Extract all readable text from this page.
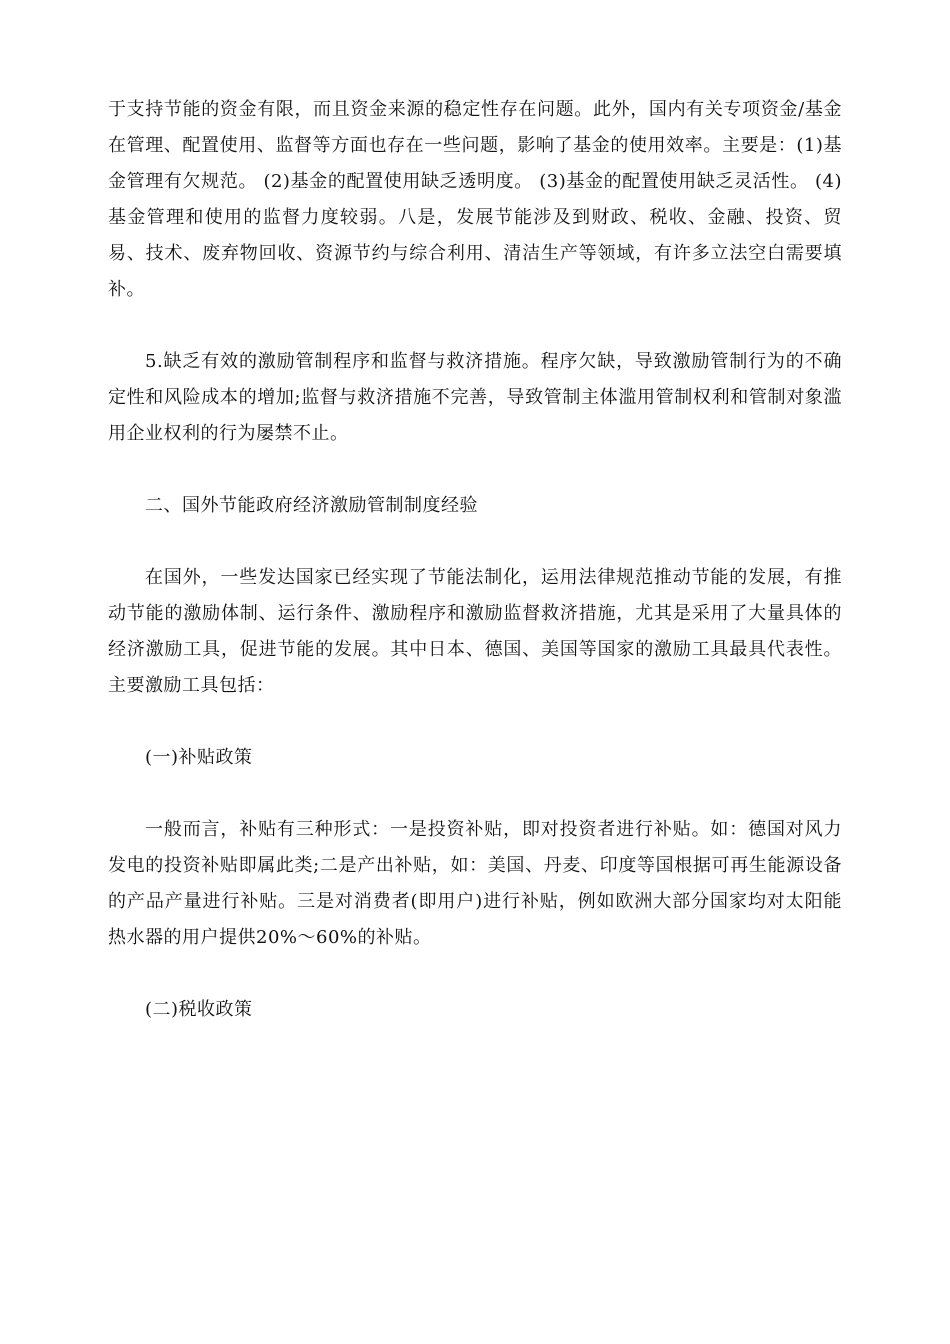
于支持节能的资金有限，而且资金来源的稳定性存在问题。此外，国内有关专项资金/基金在管理、配置使用、监督等方面也存在一些问题，影响了基金的使用效率。主要是：(1)基金管理有欠规范。 (2)基金的配置使用缺乏透明度。 (3)基金的配置使用缺乏灵活性。 (4)基金管理和使用的监督力度较弱。八是，发展节能涉及到财政、税收、金融、投资、贸易、技术、废弃物回收、资源节约与综合利用、清洁生产等领域，有许多立法空白需要填补。

5.缺乏有效的激励管制程序和监督与救济措施。程序欠缺，导致激励管制行为的不确定性和风险成本的增加;监督与救济措施不完善，导致管制主体滥用管制权利和管制对象滥用企业权利的行为屡禁不止。

二、国外节能政府经济激励管制制度经验

在国外，一些发达国家已经实现了节能法制化，运用法律规范推动节能的发展，有推动节能的激励体制、运行条件、激励程序和激励监督救济措施，尤其是采用了大量具体的经济激励工具，促进节能的发展。其中日本、德国、美国等国家的激励工具最具代表性。主要激励工具包括：

(一)补贴政策

一般而言，补贴有三种形式：一是投资补贴，即对投资者进行补贴。如：德国对风力发电的投资补贴即属此类;二是产出补贴，如：美国、丹麦、印度等国根据可再生能源设备的产品产量进行补贴。三是对消费者(即用户)进行补贴，例如欧洲大部分国家均对太阳能热水器的用户提供20%～60%的补贴。

(二)税收政策
